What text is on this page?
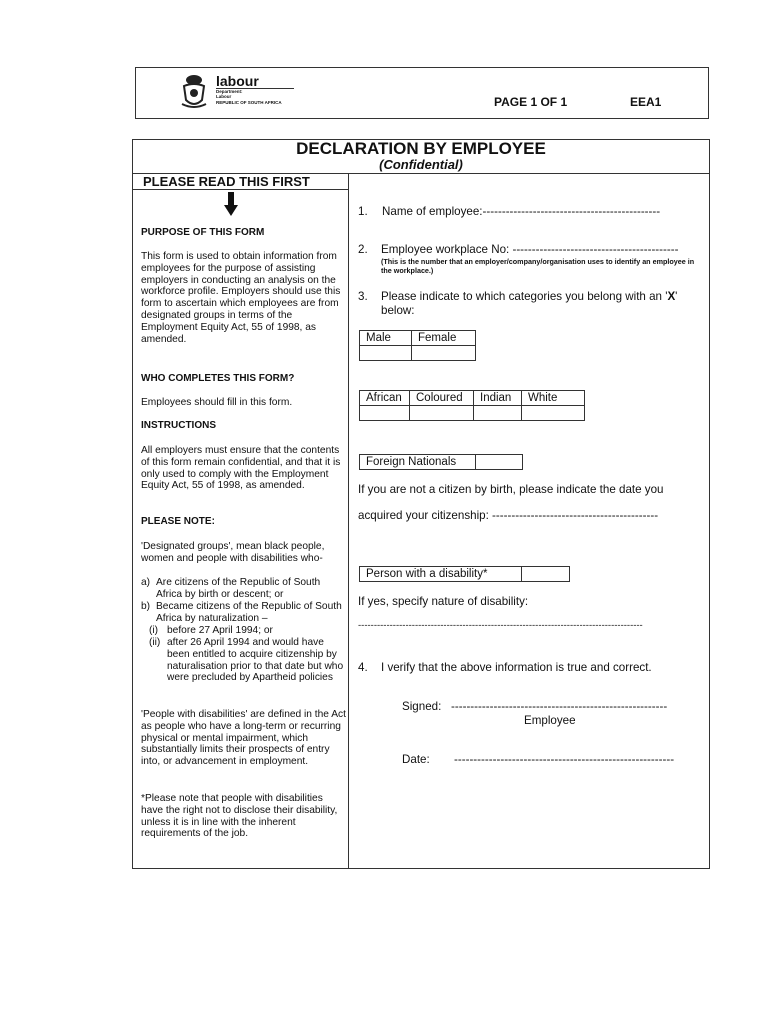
labour
Department:
Labour
REPUBLIC OF SOUTH AFRICA	PAGE 1 OF 1	EEA1
DECLARATION BY EMPLOYEE
(Confidential)
PLEASE READ THIS FIRST
PURPOSE OF THIS FORM
This form is used to obtain information from employees for the purpose of assisting employers in conducting an analysis on the workforce profile. Employers should use this form to ascertain which employees are from designated groups in terms of the Employment Equity Act, 55 of 1998, as amended.
WHO COMPLETES THIS FORM?
Employees should fill in this form.
INSTRUCTIONS
All employers must ensure that the contents of this form remain confidential, and that it is only used to comply with the Employment Equity Act, 55 of 1998, as amended.
PLEASE NOTE:
'Designated groups', mean black people, women and people with disabilities who-
a) Are citizens of the Republic of South Africa by birth or descent; or
b) Became citizens of the Republic of South Africa by naturalization –
(i) before 27 April 1994; or
(ii) after 26 April 1994 and would have been entitled to acquire citizenship by naturalisation prior to that date but who were precluded by Apartheid policies
'People with disabilities' are defined in the Act as people who have a long-term or recurring physical or mental impairment, which substantially limits their prospects of entry into, or advancement in employment.
*Please note that people with disabilities have the right not to disclose their disability, unless it is in line with the inherent requirements of the job.
1. Name of employee:----------------------------------------------
2. Employee workplace No: -------------------------------------------
(This is the number that an employer/company/organisation uses to identify an employee in the workplace.)
3. Please indicate to which categories you belong with an 'X'
below:
Male	Female

African	Coloured	Indian	White

Foreign Nationals
If you are not a citizen by birth, please indicate the date you
acquired your citizenship: -------------------------------------------
Person with a disability*
If yes, specify nature of disability:
------------------------------------------------------------------------------------------
4. I verify that the above information is true and correct.
Signed: --------------------------------------------------------
Employee
Date: ---------------------------------------------------------
